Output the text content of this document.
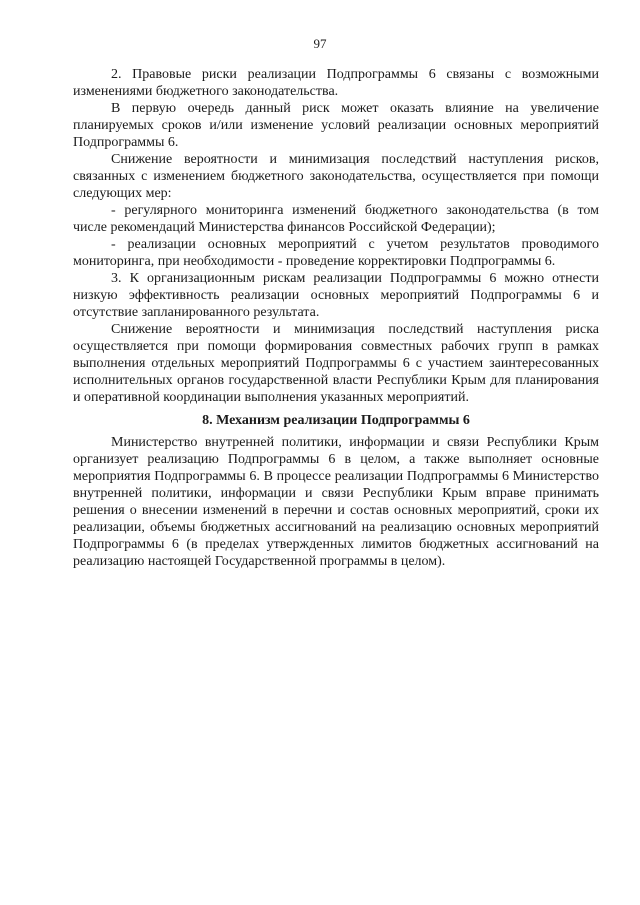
97

2. Правовые риски реализации Подпрограммы 6 связаны с возможными изменениями бюджетного законодательства.

В первую очередь данный риск может оказать влияние на увеличение планируемых сроков и/или изменение условий реализации основных мероприятий Подпрограммы 6.

Снижение вероятности и минимизация последствий наступления рисков, связанных с изменением бюджетного законодательства, осуществляется при помощи следующих мер:

- регулярного мониторинга изменений бюджетного законодательства (в том числе рекомендаций Министерства финансов Российской Федерации);

- реализации основных мероприятий с учетом результатов проводимого мониторинга, при необходимости - проведение корректировки Подпрограммы 6.

3. К организационным рискам реализации Подпрограммы 6 можно отнести низкую эффективность реализации основных мероприятий Подпрограммы 6 и отсутствие запланированного результата.

Снижение вероятности и минимизация последствий наступления риска осуществляется при помощи формирования совместных рабочих групп в рамках выполнения отдельных мероприятий Подпрограммы 6 с участием заинтересованных исполнительных органов государственной власти Республики Крым для планирования и оперативной координации выполнения указанных мероприятий.

8. Механизм реализации Подпрограммы 6

Министерство внутренней политики, информации и связи Республики Крым организует реализацию Подпрограммы 6 в целом, а также выполняет основные мероприятия Подпрограммы 6. В процессе реализации Подпрограммы 6 Министерство внутренней политики, информации и связи Республики Крым вправе принимать решения о внесении изменений в перечни и состав основных мероприятий, сроки их реализации, объемы бюджетных ассигнований на реализацию основных мероприятий Подпрограммы 6 (в пределах утвержденных лимитов бюджетных ассигнований на реализацию настоящей Государственной программы в целом).
